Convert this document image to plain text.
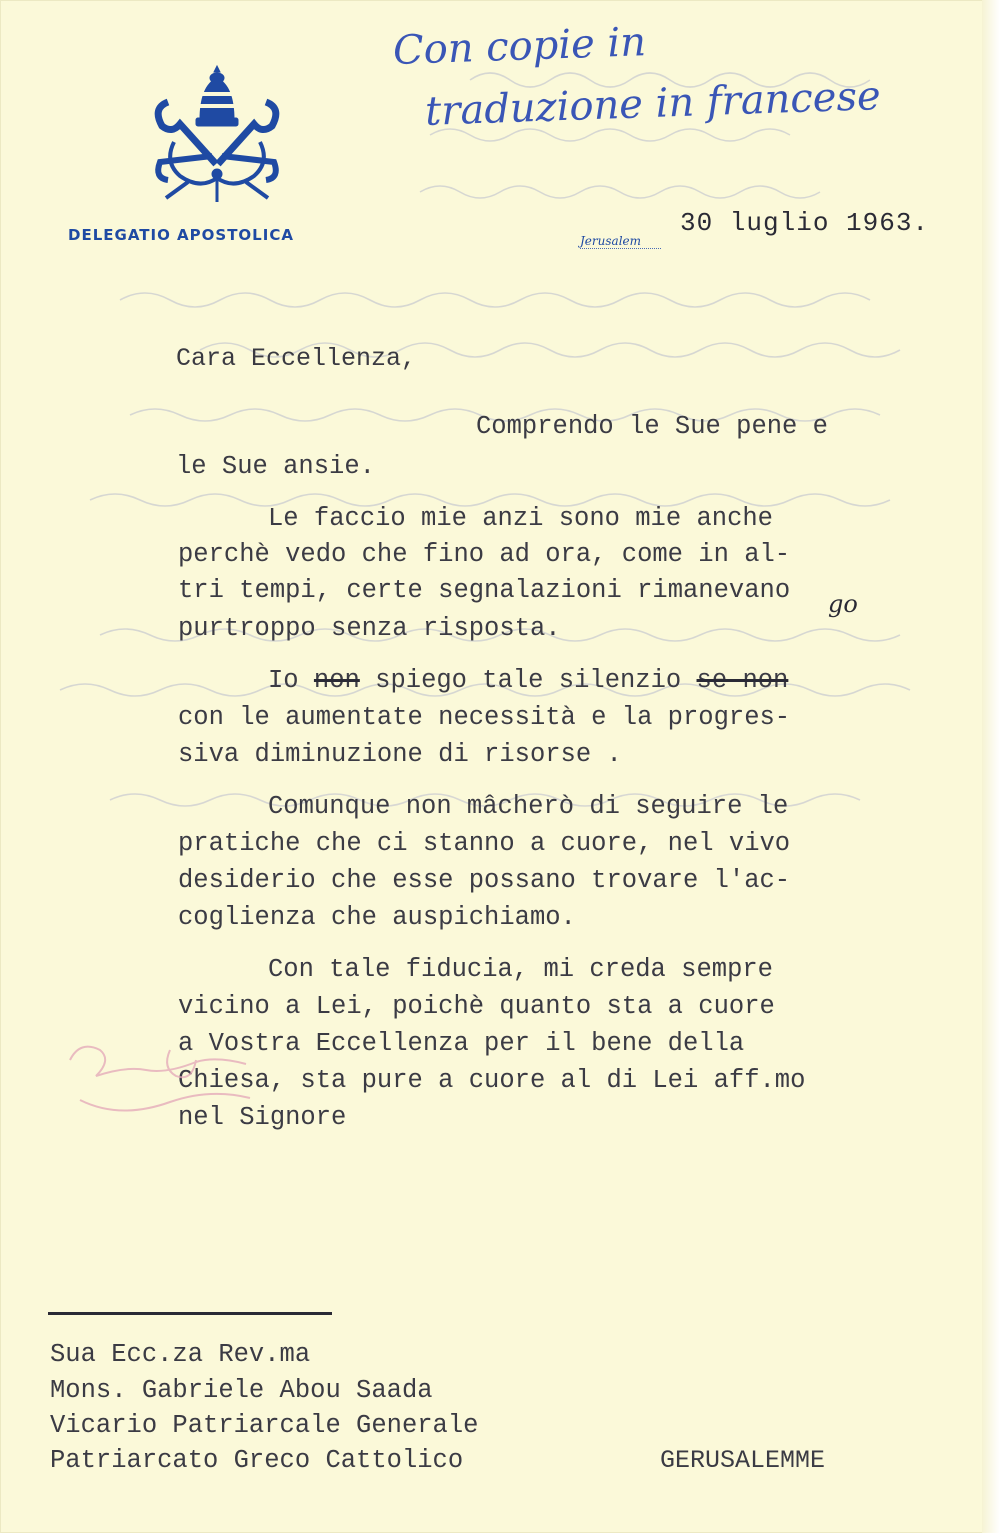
DELEGATIO APOSTOLICA	Jerusalem
30 luglio 1963.
Con copie in
traduzione in francese
Cara Eccellenza,
Comprendo le Sue pene e
le Sue ansie.
Le faccio mie anzi sono mie anche
perchè vedo che fino ad ora, come in al-
tri tempi, certe segnalazioni rimanevano go
purtroppo senza risposta.
Io non spiego tale silenzio se non
con le aumentate necessità e la progres-
siva diminuzione di risorse .
Comunque non mâcherò di seguire le
pratiche che ci stanno a cuore, nel vivo
desiderio che esse possano trovare l'ac-
coglienza che auspichiamo.
Con tale fiducia, mi creda sempre
vicino a Lei, poichè quanto sta a cuore
a Vostra Eccellenza per il bene della
Chiesa, sta pure a cuore al di Lei aff.mo
nel Signore
Sua Ecc.za Rev.ma
Mons. Gabriele Abou Saada
Vicario Patriarcale Generale
Patriarcato Greco Cattolico	GERUSALEMME
